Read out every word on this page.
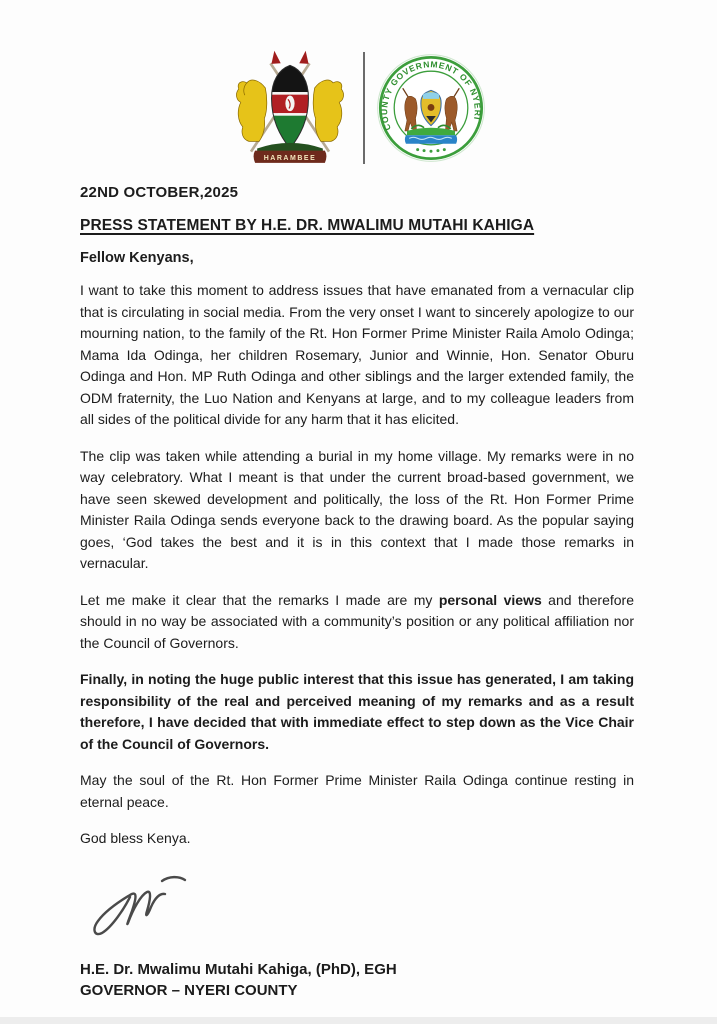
HARAMBEE
COUNTY GOVERNMENT OF NYERI
22ND OCTOBER,2025
PRESS STATEMENT BY H.E. DR. MWALIMU MUTAHI KAHIGA
Fellow Kenyans,

I want to take this moment to address issues that have emanated from a vernacular clip that is circulating in social media. From the very onset I want to sincerely apologize to our mourning nation, to the family of the Rt. Hon Former Prime Minister Raila Amolo Odinga; Mama Ida Odinga, her children Rosemary, Junior and Winnie, Hon. Senator Oburu Odinga and Hon. MP Ruth Odinga and other siblings and the larger extended family, the ODM fraternity, the Luo Nation and Kenyans at large, and to my colleague leaders from all sides of the political divide for any harm that it has elicited.

The clip was taken while attending a burial in my home village. My remarks were in no way celebratory. What I meant is that under the current broad-based government, we have seen skewed development and politically, the loss of the Rt. Hon Former Prime Minister Raila Odinga sends everyone back to the drawing board. As the popular saying goes, ‘God takes the best and it is in this context that I made those remarks in vernacular.

Let me make it clear that the remarks I made are my personal views and therefore should in no way be associated with a community’s position or any political affiliation nor the Council of Governors.

Finally, in noting the huge public interest that this issue has generated, I am taking responsibility of the real and perceived meaning of my remarks and as a result therefore, I have decided that with immediate effect to step down as the Vice Chair of the Council of Governors.

May the soul of the Rt. Hon Former Prime Minister Raila Odinga continue resting in eternal peace.

God bless Kenya.

H.E. Dr. Mwalimu Mutahi Kahiga, (PhD), EGH
GOVERNOR – NYERI COUNTY
